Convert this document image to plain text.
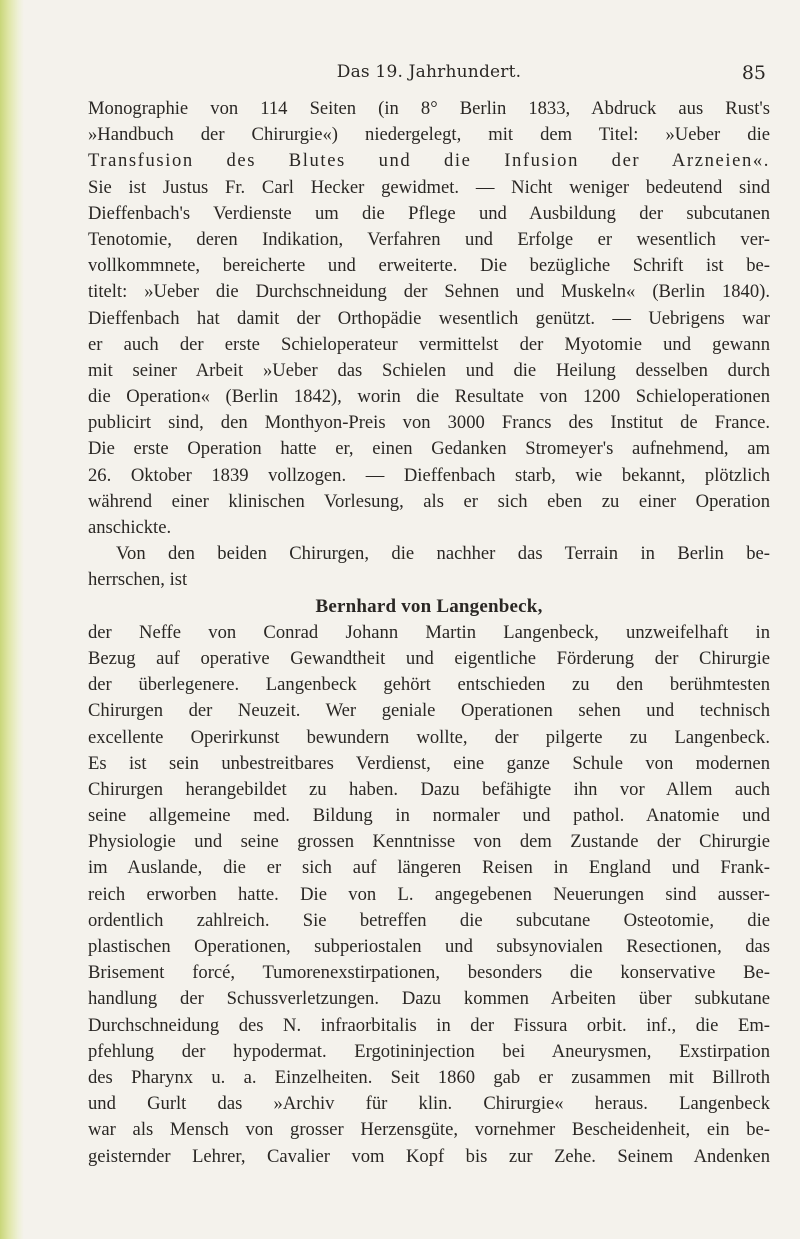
Das 19. Jahrhundert.	85
Monographie von 114 Seiten (in 8° Berlin 1833, Abdruck aus Rust's
»Handbuch der Chirurgie«) niedergelegt, mit dem Titel: »Ueber die
Transfusion des Blutes und die Infusion der Arzneien«.
Sie ist Justus Fr. Carl Hecker gewidmet. — Nicht weniger bedeutend sind
Dieffenbach's Verdienste um die Pflege und Ausbildung der subcutanen
Tenotomie, deren Indikation, Verfahren und Erfolge er wesentlich ver-
vollkommnete, bereicherte und erweiterte. Die bezügliche Schrift ist be-
titelt: »Ueber die Durchschneidung der Sehnen und Muskeln« (Berlin 1840).
Dieffenbach hat damit der Orthopädie wesentlich genützt. — Uebrigens war
er auch der erste Schieloperateur vermittelst der Myotomie und gewann
mit seiner Arbeit »Ueber das Schielen und die Heilung desselben durch
die Operation« (Berlin 1842), worin die Resultate von 1200 Schieloperationen
publicirt sind, den Monthyon-Preis von 3000 Francs des Institut de France.
Die erste Operation hatte er, einen Gedanken Stromeyer's aufnehmend, am
26. Oktober 1839 vollzogen. — Dieffenbach starb, wie bekannt, plötzlich
während einer klinischen Vorlesung, als er sich eben zu einer Operation
anschickte.
Von den beiden Chirurgen, die nachher das Terrain in Berlin be-
herrschen, ist
Bernhard von Langenbeck,
der Neffe von Conrad Johann Martin Langenbeck, unzweifelhaft in
Bezug auf operative Gewandtheit und eigentliche Förderung der Chirurgie
der überlegenere. Langenbeck gehört entschieden zu den berühmtesten
Chirurgen der Neuzeit. Wer geniale Operationen sehen und technisch
excellente Operirkunst bewundern wollte, der pilgerte zu Langenbeck.
Es ist sein unbestreitbares Verdienst, eine ganze Schule von modernen
Chirurgen herangebildet zu haben. Dazu befähigte ihn vor Allem auch
seine allgemeine med. Bildung in normaler und pathol. Anatomie und
Physiologie und seine grossen Kenntnisse von dem Zustande der Chirurgie
im Auslande, die er sich auf längeren Reisen in England und Frank-
reich erworben hatte. Die von L. angegebenen Neuerungen sind ausser-
ordentlich zahlreich. Sie betreffen die subcutane Osteotomie, die
plastischen Operationen, subperiostalen und subsynovialen Resectionen, das
Brisement forcé, Tumorenexstirpationen, besonders die konservative Be-
handlung der Schussverletzungen. Dazu kommen Arbeiten über subkutane
Durchschneidung des N. infraorbitalis in der Fissura orbit. inf., die Em-
pfehlung der hypodermat. Ergotininjection bei Aneurysmen, Exstirpation
des Pharynx u. a. Einzelheiten. Seit 1860 gab er zusammen mit Billroth
und Gurlt das »Archiv für klin. Chirurgie« heraus. Langenbeck
war als Mensch von grosser Herzensgüte, vornehmer Bescheidenheit, ein be-
geisternder Lehrer, Cavalier vom Kopf bis zur Zehe. Seinem Andenken
